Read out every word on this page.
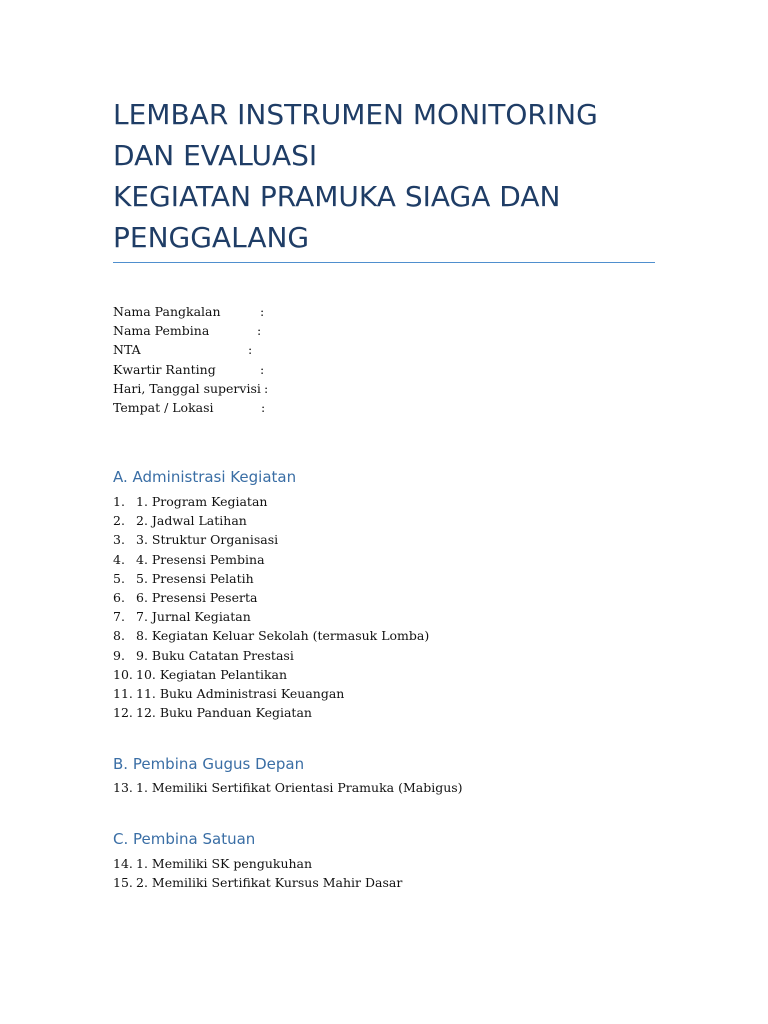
LEMBAR INSTRUMEN MONITORING
DAN EVALUASI
KEGIATAN PRAMUKA SIAGA DAN
PENGGALANG
Nama Pangkalan	:
Nama Pembina	:
NTA	:
Kwartir Ranting	:
Hari, Tanggal supervisi :
Tempat / Lokasi	:
A. Administrasi Kegiatan
1. 1. Program Kegiatan
2. 2. Jadwal Latihan
3. 3. Struktur Organisasi
4. 4. Presensi Pembina
5. 5. Presensi Pelatih
6. 6. Presensi Peserta
7. 7. Jurnal Kegiatan
8. 8. Kegiatan Keluar Sekolah (termasuk Lomba)
9. 9. Buku Catatan Prestasi
10. 10. Kegiatan Pelantikan
11. 11. Buku Administrasi Keuangan
12. 12. Buku Panduan Kegiatan
B. Pembina Gugus Depan
13. 1. Memiliki Sertifikat Orientasi Pramuka (Mabigus)
C. Pembina Satuan
14. 1. Memiliki SK pengukuhan
15. 2. Memiliki Sertifikat Kursus Mahir Dasar
